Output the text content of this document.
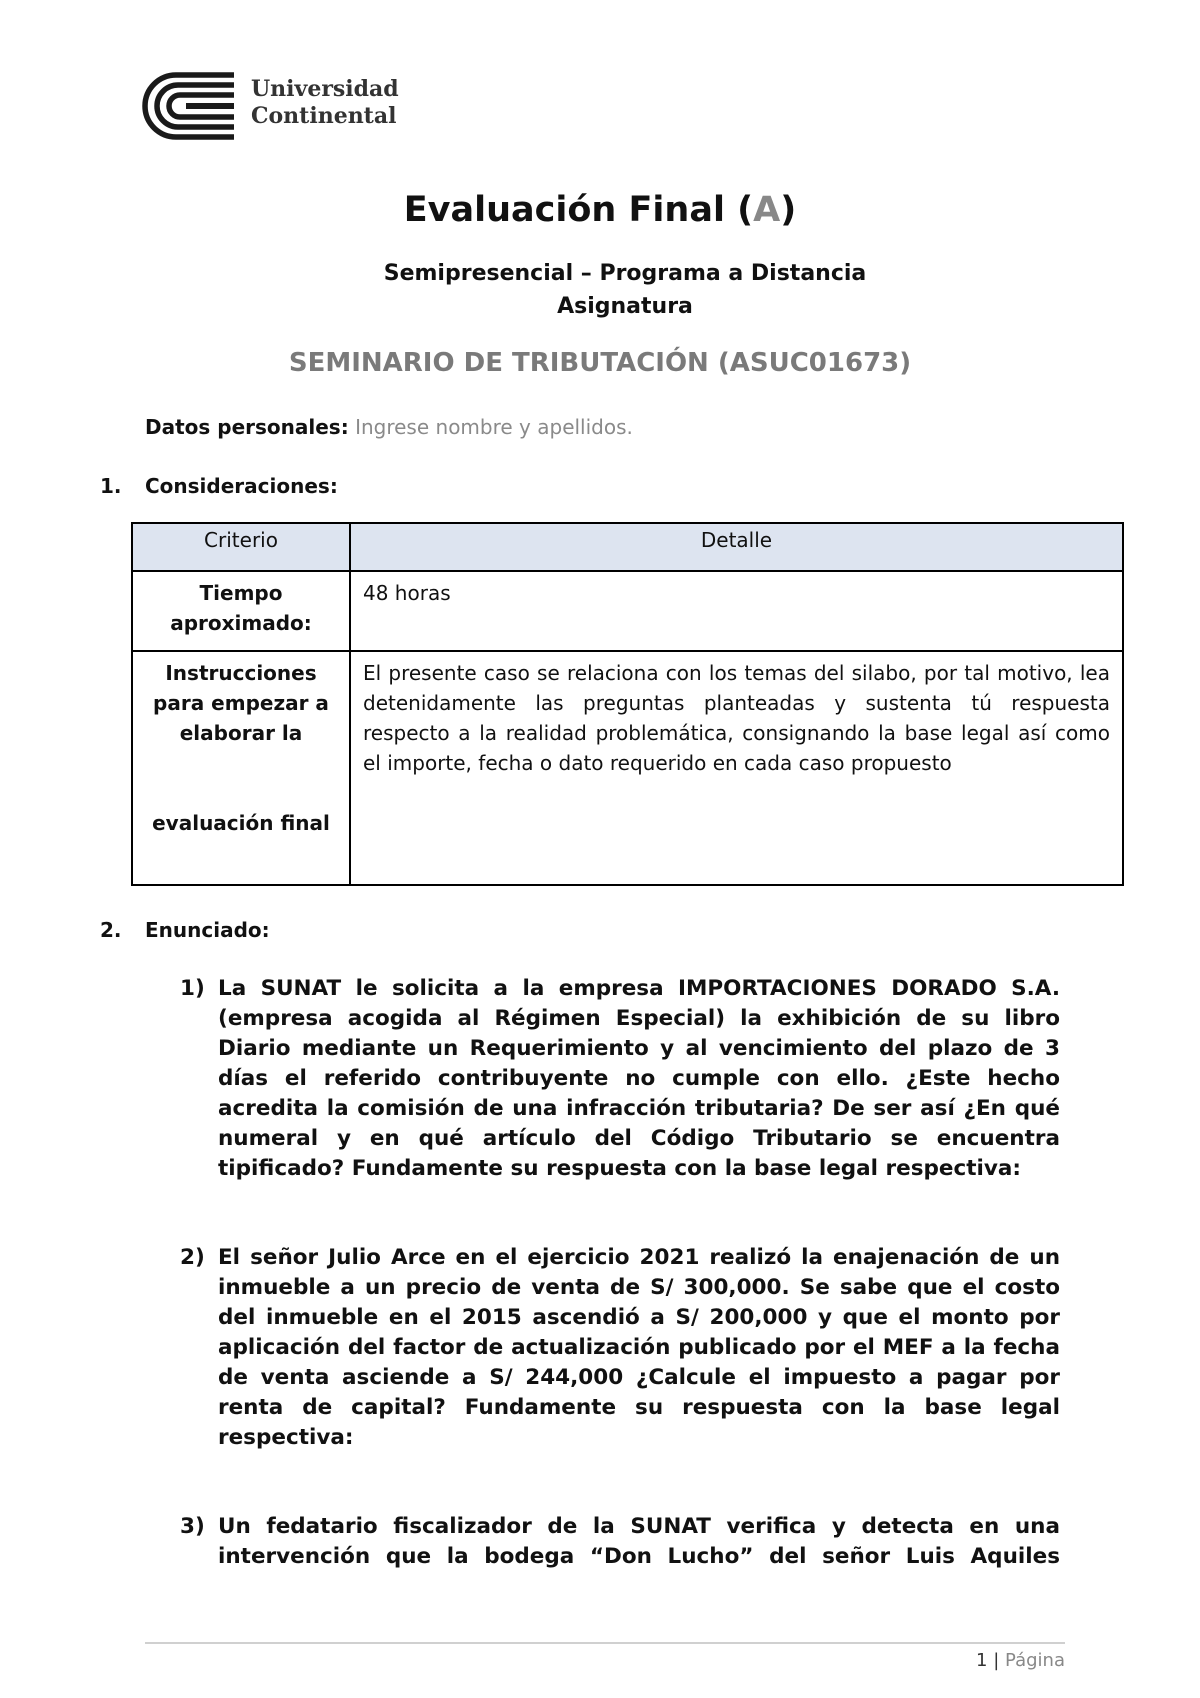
Universidad
Continental
Evaluación Final (A)
Semipresencial – Programa a Distancia
Asignatura
SEMINARIO DE TRIBUTACIÓN (ASUC01673)
Datos personales: Ingrese nombre y apellidos.
1. Consideraciones:
Criterio	Detalle
Tiempo aproximado:	48 horas

Instrucciones para empezar a elaborar la
evaluación final	El presente caso se relaciona con los temas del silabo, por tal motivo, lea detenidamente las preguntas planteadas y sustenta tú respuesta respecto a la realidad problemática, consignando la base legal así como el importe, fecha o dato requerido en cada caso propuesto
2. Enunciado:
1) La SUNAT le solicita a la empresa IMPORTACIONES DORADO S.A. (empresa acogida al Régimen Especial) la exhibición de su libro Diario mediante un Requerimiento y al vencimiento del plazo de 3 días el referido contribuyente no cumple con ello. ¿Este hecho acredita la comisión de una infracción tributaria? De ser así ¿En qué numeral y en qué artículo del Código Tributario se encuentra tipificado? Fundamente su respuesta con la base legal respectiva:
2) El señor Julio Arce en el ejercicio 2021 realizó la enajenación de un inmueble a un precio de venta de S/ 300,000. Se sabe que el costo del inmueble en el 2015 ascendió a S/ 200,000 y que el monto por aplicación del factor de actualización publicado por el MEF a la fecha de venta asciende a S/ 244,000 ¿Calcule el impuesto a pagar por renta de capital? Fundamente su respuesta con la base legal respectiva:
3) Un fedatario fiscalizador de la SUNAT verifica y detecta en una intervención que la bodega “Don Lucho” del señor Luis Aquiles
1 | Página
